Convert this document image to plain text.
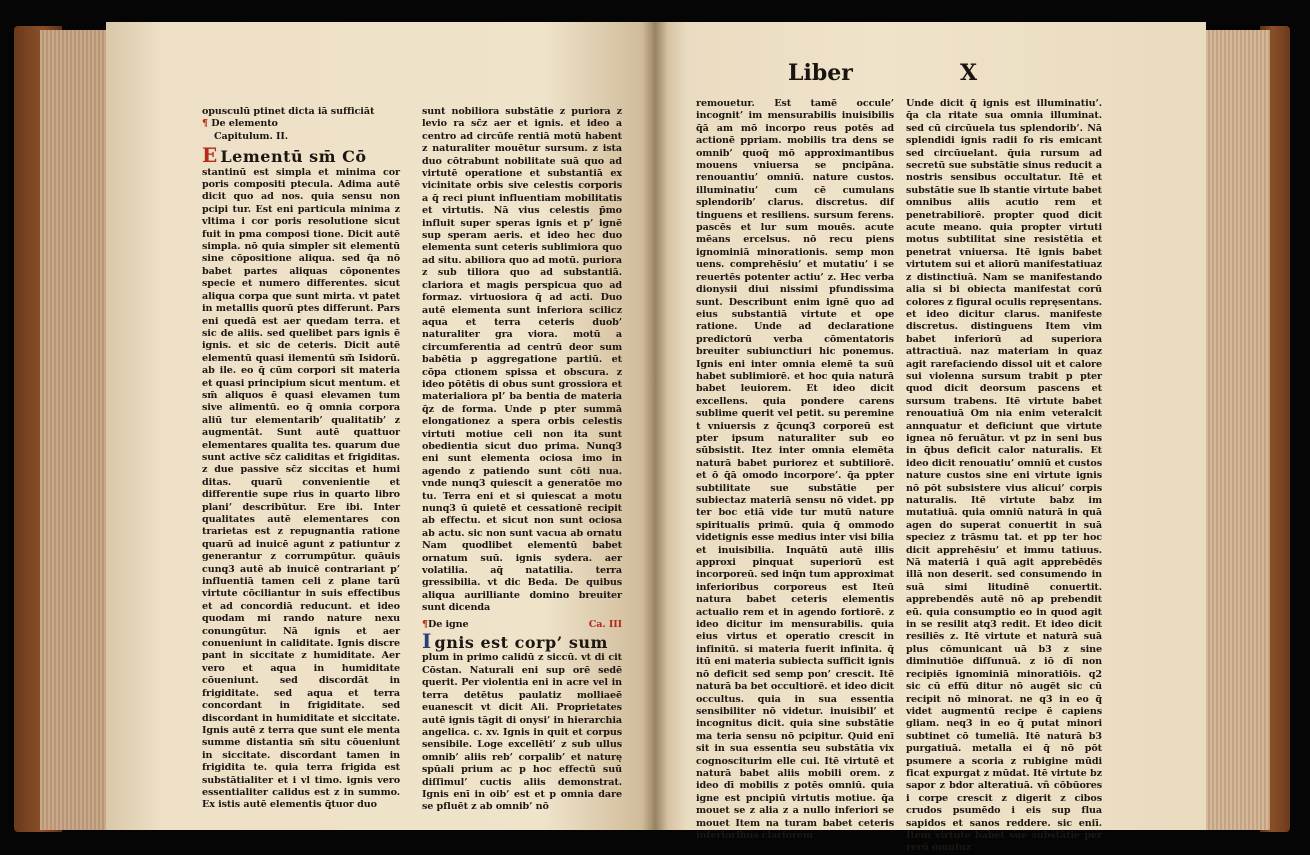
opusculū ptinet dicta iā sufficiāt

¶ De elemento

Capitulum. II.

E Lementū sm̄ Cō

stantinū est simpla et minima cor poris compositi ptecula. Adima autē dicit quo ad nos. quia sensu non pcipi tur. Est eni particula minima z vltima i cor poris resolutione sicut fuit in pma composi tione. Dicit autē simpla. nō quia simpler sit elementū sine cōpositione aliqua. sed q̄a nō babet partes aliquas cōponentes specie et numero differentes. sicut aliqua corpa que sunt mirta. vt patet in metallis quorū ptes differunt. Pars eni quedā est aer quedam terra. et sic de aliis. sed quelibet pars ignis ē ignis. et sic de ceteris. Dicit autē elementū quasi ilementū sm̄ Isidorū. ab ile. eo q̄ cūm corpori sit materia et quasi principium sicut mentum. et sm̄ aliquos ē quasi elevamen tum sive alimentū. eo q̄ omnia corpora aliū tur elementarib’ qualitatib’ z augmentāt. Sunt autē quattuor elementares qualita tes. quarum due sunt active sc̄z caliditas et frigiditas. z due passive sc̄z siccitas et humi ditas. quarū convenientie et differentie supe rius in quarto libro plani’ describūtur. Ere ibi. Inter qualitates autē elementares con trarietas est z repugnantia ratione quarū ad inuicē agunt z patiuntur z generantur z corrumpūtur. quāuis cunq3 autē ab inuicē contrariant p’ influentiā tamen celi z plane tarū virtute cōciliantur in suis effectibus et ad concordiā reducunt. et ideo quodam mi rando nature nexu conungūtur. Nā ignis et aer conueniunt in caliditate. Ignis discre pant in siccitate z humiditate. Aer vero et aqua in humiditate cōueniunt. sed discordāt in frigiditate. sed aqua et terra concordant in frigiditate. sed discordant in humiditate et siccitate. Ignis autē z terra que sunt ele menta summe distantia sm̄ situ cōueniunt in siccitate. discordant tamen in frigidita te. quia terra frigida est substātialiter et i vl timo. ignis vero essentialiter calidus est z in summo. Ex istis autē elementis q̄tuor duo

sunt nobiliora substātie z puriora z levio ra sc̄z aer et ignis. et ideo a centro ad circūfe rentiā motū habent z naturaliter mouētur sursum. z ista duo cōtrabunt nobilitate suā quo ad virtutē operatione et substantiā ex vicinitate orbis sive celestis corporis a q̄ reci piunt influentiam mobilitatis et virtutis. Nā vius celestis p̄mo influit super speras ignis et p’ ignē sup speram aeris. et ideo hec duo elementa sunt ceteris sublimiora quo ad situ. abiliora quo ad motū. puriora z sub tiliora quo ad substantiā. clariora et magis perspicua quo ad formaz. virtuosiora q̄ ad acti. Duo autē elementa sunt inferiora scilicz aqua et terra ceteris duob’ naturaliter gra viora. motū a circumferentia ad centrū deor sum babētia p aggregatione partiū. et cōpa ctionem spissa et obscura. z ideo pōtētis di obus sunt grossiora et materialiora pl’ ba bentia de materia q̄z de forma. Unde p pter summā elongationez a spera orbis celestis virtuti motiue celi non ita sunt obedientia sicut duo prima. Nunq3 eni sunt elementa ociosa imo in agendo z patiendo sunt cōti nua. vnde nunq3 quiescit a generatōe mo tu. Terra eni et si quiescat a motu nunq3 ū quietē et cessationē recipit ab effectu. et sicut non sunt ociosa ab actu. sic non sunt vacua ab ornatu Nam quodlibet elementū babet ornatum suū. ignis sydera. aer volatilia. aq̄ natatilia. terra gressibilia. vt dic Beda. De quibus aliqua aurilliante domino breuiter sunt dicenda

¶De igne	Ca. III

I gnis est corp’ sum

plum in primo calidū z siccū. vt di cit Cōstan. Naturali eni sup orē sedē querit. Per violentia eni in acre vel in terra detētus paulatiz molliaeē euanescit vt dicit Ali. Proprietates autē ignis tāgit di onysi’ in hierarchia angelica. c. xv. Ignis in quit et corpus sensibile. Loge excellēti’ z sub ullus omnib’ aliis reb’ corpalib’ et naturę spūali prium ac p hoc effectū suū diſſimul’ cuctis aliis demonstrat. Ignis enī in oib’ est et p omnia dare se pfluēt z ab omnib’ nō

Liber	X

remouetur. Est tamē occule’ incognit’ im mensurabilis inuisibilis q̄ā am mō incorpo reus potēs ad actionē ppriam. mobilis tra dens se omnib’ quoq̄ mō approximantibus mouens vniuersa se pncipāna. renouantiu’ omniū. nature custos. illuminatiu’ cum cē cumulans splendorib’ clarus. discretus. dif tinguens et resiliens. sursum ferens. pascēs et lur sum mouēs. acute mēans ercelsus. nō recu piens ignominiā minorationis. semp mon uens. comprehēsiu’ et mutatiu’ i se reuertēs potenter actiu’ z. Hec verba dionysii diui nissimi pfundissima sunt. Describunt enim ignē quo ad eius substantiā virtute et ope ratione. Unde ad declaratione predictorū verba cōmentatoris breuiter subiunctiuri hic ponemus. Ignis eni inter omnia elemē ta suū habet sublimiorē. et hoc quia naturā babet leuiorem. Et ideo dicit excellens. quia pondere carens sublime querit vel petit. su peremine t vniuersis z q̄cunq3 corporeū est pter ipsum naturaliter sub eo sūbsistit. Itez inter omnia elemēta naturā babet puriorez et subtiliorē. et ō q̄ā omodo incorpore’. q̄a ppter subtilitate sue substātie per subiectaz materiā sensu nō videt. pp ter boc etiā vide tur mutū nature spiritualis primū. quia q̄ ommodo videtignis esse medius inter visi bilia et inuisibilia. Inquātū autē illis approxi pinquat superiorū est incorporeū. sed inq̄n tum approximat inferioribus corporeus est Iteū natura babet ceteris elementis actualio rem et in agendo fortiorē. z ideo dicitur im mensurabilis. quia eius virtus et operatio crescit in infinitū. si materia fuerit infinita. q̄ itū eni materia subiecta sufficit ignis nō deficit sed semp pon’ crescit. Itē naturā ba bet occultiorē. et ideo dicit occultus. quia in sua essentia sensibiliter nō videtur. inuisibil’ et incognitus dicit. quia sine substātie ma teria sensu nō pcipitur. Quid enī sit in sua essentia seu substātia vix cognosciturim elle cui. Itē virtutē et naturā babet aliis mobili orem. z ideo dī mobilis z potēs omniū. quia igne est pncipiū virtutis motiue. q̄a mouet se z alia z a nullo inferiori se mouet Item na turam babet ceteris inferioribus clariorem

Unde dicit q̄ ignis est illuminatiu’. q̄a cla ritate sua omnia illuminat. sed cū circūuela tus splendorib’. Nā splendidi ignis radii fo ris emicant sed circūuelant. q̄uia rursum ad secretū sue substātie sinus reducit a nostris sensibus occultatur. Itē et substātie sue lb stantie virtute babet omnibus aliis acutio rem et penetrabiliorē. propter quod dicit acute meano. quia propter virtuti motus subtilitat sine resistētia et penetrat vniuersa. Itē ignis babet virtutem sui et aliorū manifestatiuaz z distinctiuā. Nam se manifestando alia si bi obiecta manifestat corū colores z figural oculis repręsentans. et ideo dicitur clarus. manifeste discretus. distinguens Item vim babet inferiorū ad superiora attractiuā. naz materiam in quaz agit rarefaciendo dissol uit et calore sui violenna sursum trabit p pter quod dicit deorsum pascens et sursum trabens. Itē virtute babet renouatiuā Om nia enim veteralcit annquatur et deficiunt que virtute ignea nō feruātur. vt pz in seni bus in q̄bus deficit calor naturalis. Et ideo dicit renouatiu’ omniū et custos nature custos sine eni virtute ignis nō pōt subsistere vius alicui’ corpis naturalis. Itē virtute babz im mutatiuā. quia omniū naturā in quā agen do superat conuertit in suā speciez z trāsmu tat. et pp ter hoc dicit apprehēsiu’ et immu tatiuus. Nā materiā i quā agit apprebēdēs illā non deserit. sed consumendo in suā simi litudinē conuertit. apprebendēs autē nō ap prebendit eū. quia consumptio eo in quod agit in se resilit atq3 redit. Et ideo dicit resiliēs z. Itē virtute et naturā suā plus cōmunicant uā b3 z sine diminutiōe diſſunuā. z iō dī non recipiēs ignominiā minoratiōis. q2 sic cū effū ditur nō augēt sic cū recipit nō minorat. ne q3 in eo q̄ videt augmentū recipe ē capiens gliam. neq3 in eo q̄ putat minori subtinet cō tumeliā. Itē naturā b3 purgatiuā. metalla ei q̄ nō pōt psumere a scoria z rubigine mūdi ficat expurgat z mūdat. Itē virtute bz sapor z bdor alteratiuā. vñ cōbūores i corpe crescit z digerit z cibos crudos psumēdo i eis sup flua sapidos et sanos reddere. sic eniī. Item virtute babet sue substātie per rerū omniuz
